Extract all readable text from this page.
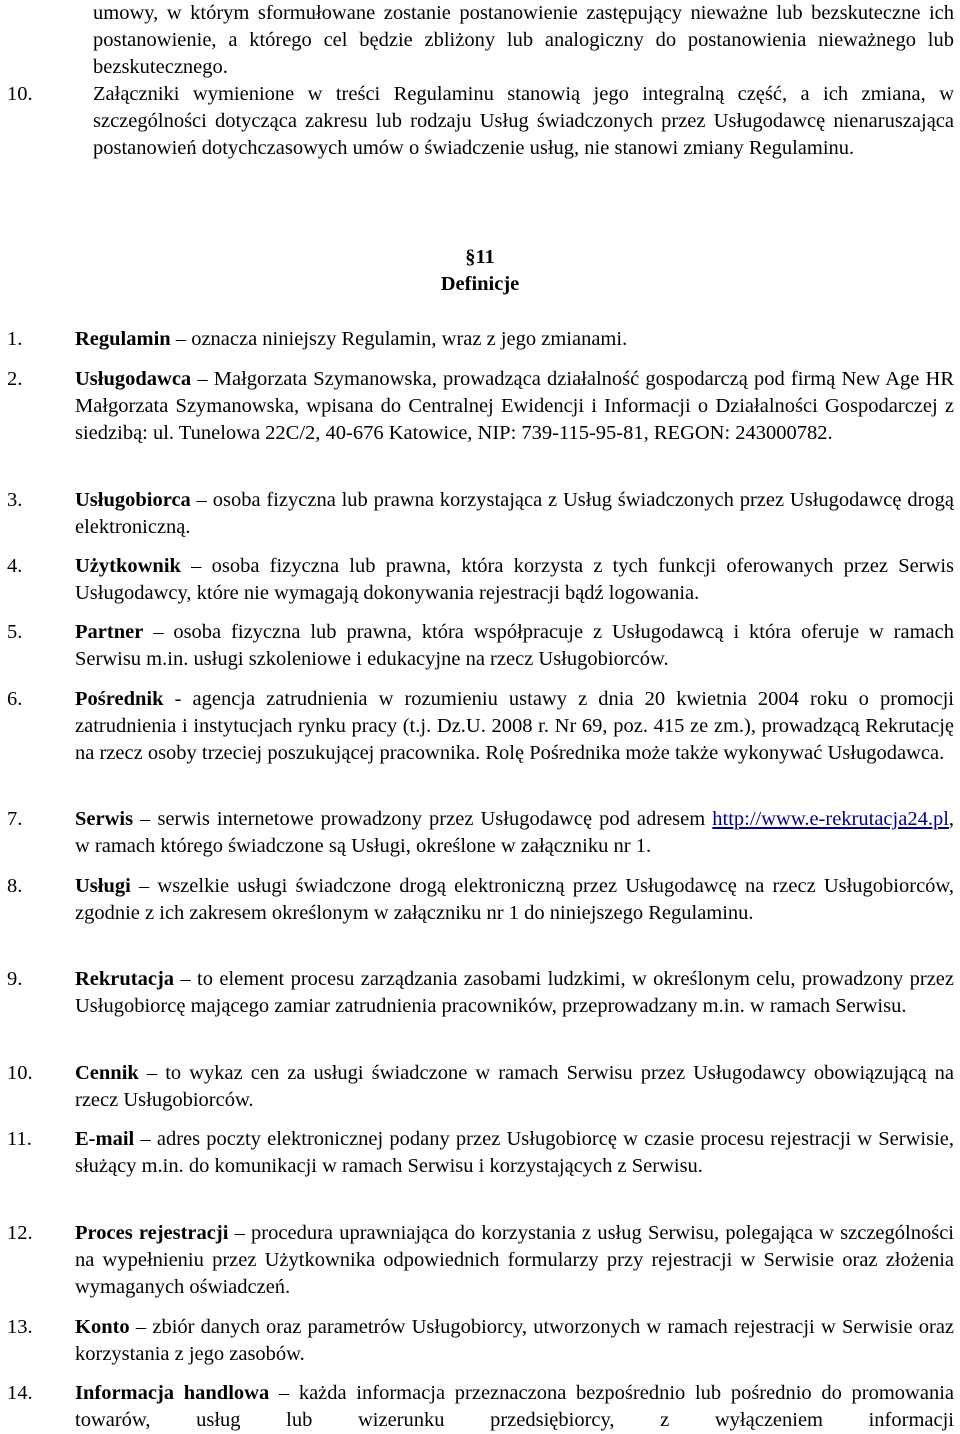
umowy, w którym sformułowane zostanie postanowienie zastępujący nieważne lub bezskuteczne ich postanowienie, a którego cel będzie zbliżony lub analogiczny do postanowienia nieważnego lub bezskutecznego.
10.	Załączniki wymienione w treści Regulaminu stanowią jego integralną część, a ich zmiana, w szczególności dotycząca zakresu lub rodzaju Usług świadczonych przez Usługodawcę nienaruszająca postanowień dotychczasowych umów o świadczenie usług, nie stanowi zmiany Regulaminu.
§11
Definicje
1.	Regulamin – oznacza niniejszy Regulamin, wraz z jego zmianami.
2.	Usługodawca – Małgorzata Szymanowska, prowadząca działalność gospodarczą pod firmą New Age HR Małgorzata Szymanowska, wpisana do Centralnej Ewidencji i Informacji o Działalności Gospodarczej z siedzibą: ul. Tunelowa 22C/2, 40-676 Katowice, NIP: 739-115-95-81, REGON: 243000782.
3.	Usługobiorca – osoba fizyczna lub prawna korzystająca z Usług świadczonych przez Usługodawcę drogą elektroniczną.
4.	Użytkownik – osoba fizyczna lub prawna, która korzysta z tych funkcji oferowanych przez Serwis Usługodawcy, które nie wymagają dokonywania rejestracji bądź logowania.
5.	Partner – osoba fizyczna lub prawna, która współpracuje z Usługodawcą i która oferuje w ramach Serwisu m.in. usługi szkoleniowe i edukacyjne na rzecz Usługobiorców.
6.	Pośrednik - agencja zatrudnienia w rozumieniu ustawy z dnia 20 kwietnia 2004 roku o promocji zatrudnienia i instytucjach rynku pracy (t.j. Dz.U. 2008 r. Nr 69, poz. 415 ze zm.), prowadzącą Rekrutację na rzecz osoby trzeciej poszukującej pracownika. Rolę Pośrednika może także wykonywać Usługodawca.
7.	Serwis – serwis internetowe prowadzony przez Usługodawcę pod adresem http://www.e-rekrutacja24.pl, w ramach którego świadczone są Usługi, określone w załączniku nr 1.
8.	Usługi – wszelkie usługi świadczone drogą elektroniczną przez Usługodawcę na rzecz Usługobiorców, zgodnie z ich zakresem określonym w załączniku nr 1 do niniejszego Regulaminu.
9.	Rekrutacja – to element procesu zarządzania zasobami ludzkimi, w określonym celu, prowadzony przez Usługobiorcę mającego zamiar zatrudnienia pracowników, przeprowadzany m.in. w ramach Serwisu.
10. Cennik – to wykaz cen za usługi świadczone w ramach Serwisu przez Usługodawcy obowiązującą na rzecz Usługobiorców.
11. E-mail – adres poczty elektronicznej podany przez Usługobiorcę w czasie procesu rejestracji w Serwisie, służący m.in. do komunikacji w ramach Serwisu i korzystających z Serwisu.
12. Proces rejestracji – procedura uprawniająca do korzystania z usług Serwisu, polegająca w szczególności na wypełnieniu przez Użytkownika odpowiednich formularzy przy rejestracji w Serwisie oraz złożenia wymaganych oświadczeń.
13. Konto – zbiór danych oraz parametrów Usługobiorcy, utworzonych w ramach rejestracji w Serwisie oraz korzystania z jego zasobów.
14. Informacja handlowa – każda informacja przeznaczona bezpośrednio lub pośrednio do promowania towarów, usług lub wizerunku przedsiębiorcy, z wyłączeniem informacji
